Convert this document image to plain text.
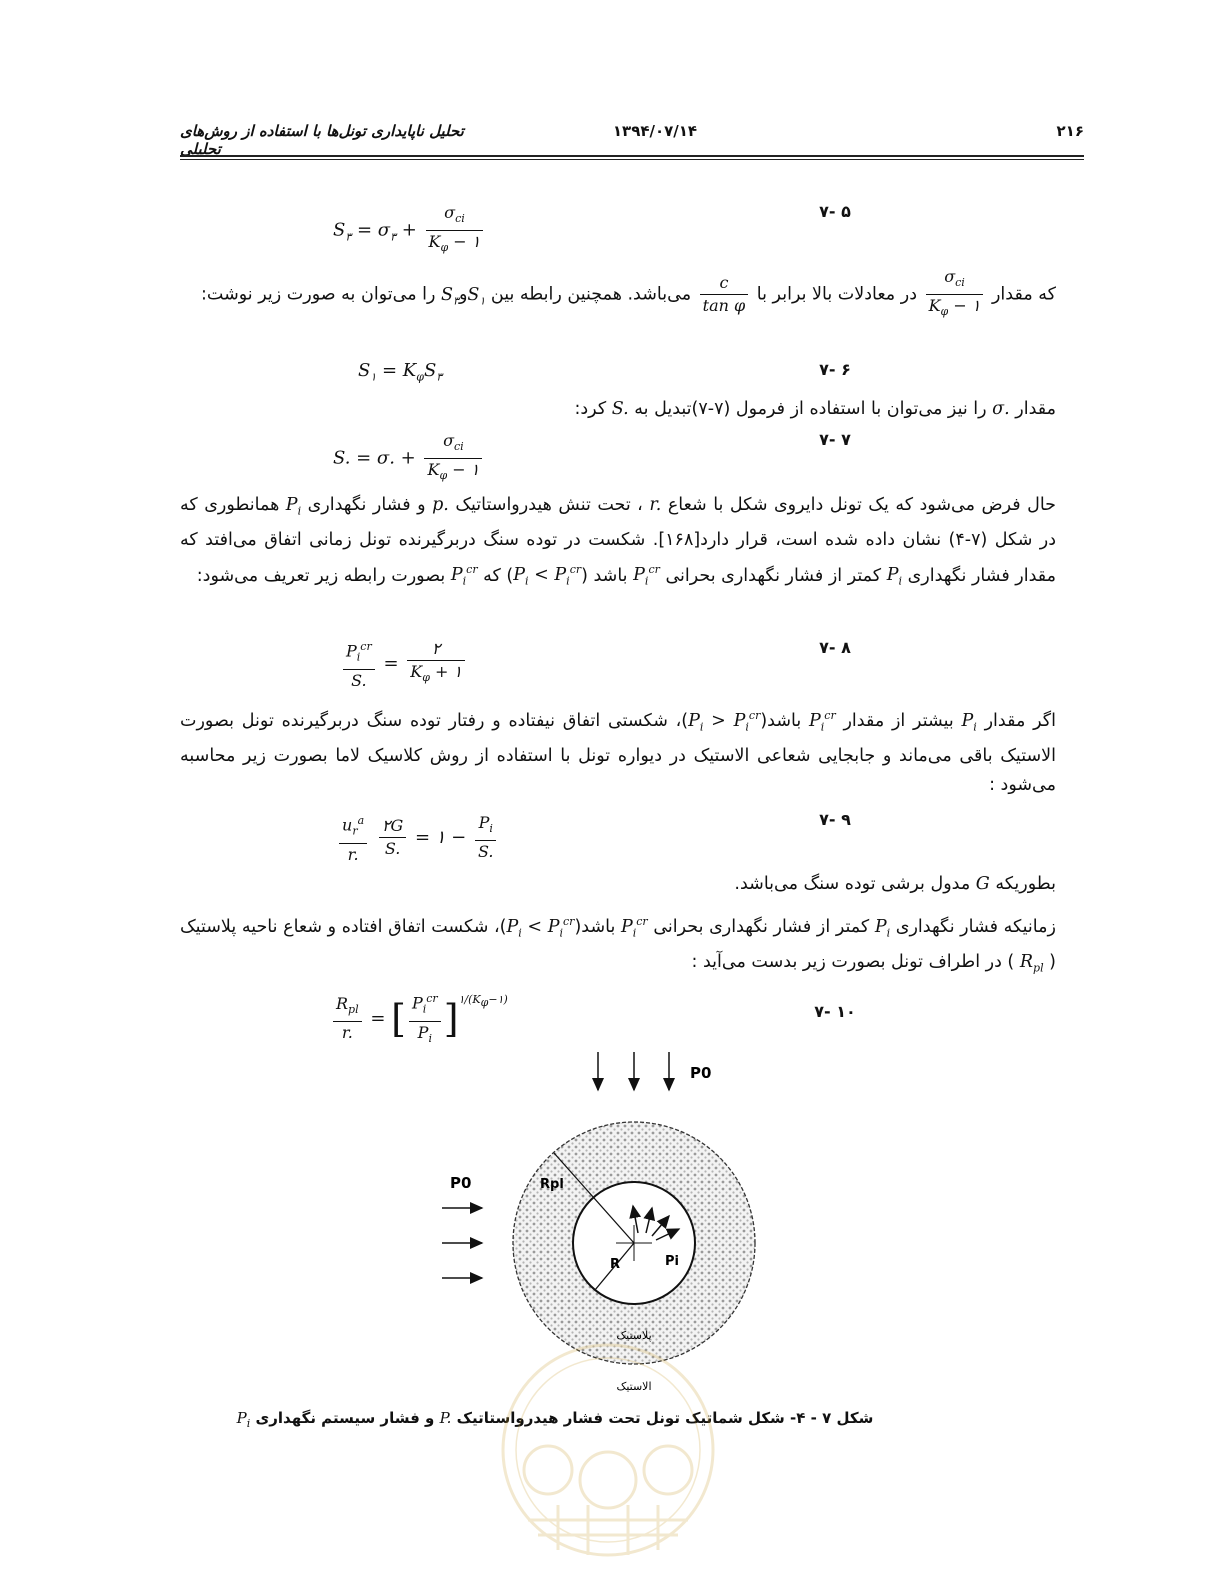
۲۱۶
۱۳۹۴/۰۷/۱۴
تحلیل ناپایداری تونل‌ها با استفاده از روش‌های تحلیلی
$S_۳ = \sigma_۳ + \frac{\sigma_{ci}}{K_\varphi - ۱}$	۵ -۷

که مقدار
$\frac{\sigma_{ci}}{K_\varphi - ۱}$
در معادلات بالا برابر با
$\frac{c}{\text{tan φ}}$
می‌باشد. همچنین رابطه بین $S_۱وS_۳$ را می‌توان به صورت زیر نوشت:

$S_۱ = K_\varphi S_۳$	۶ -۷

مقدار σ. را نیز می‌توان با استفاده از فرمول (۷-۷)تبدیل به S. کرد:

S. = σ. + $\frac{\sigma_{ci}}{K_\varphi - ۱}$	۷ -۷

حال فرض می‌شود که یک تونل دایروی شکل با شعاع r. ، تحت تنش هیدرواستاتیک p. و فشار نگهداری $P_i$ همانطوری که در شکل (۷-۴) نشان داده شده است، قرار دارد[۱۶۸]. شکست در توده سنگ دربرگیرنده تونل زمانی اتفاق می‌افتد که مقدار فشار نگهداری $P_i$ کمتر از فشار نگهداری بحرانی $P_i^{cr}$ باشد $(P_i < P_i^{cr})$ که $P_i^{cr}$ بصورت رابطه زیر تعریف می‌شود:

$\frac{P_i^{cr}}{S.} = \frac{۲}{K_\varphi + ۱}$	۸ -۷

اگر مقدار $P_i$ بیشتر از مقدار $P_i^{cr}$ $باشد(P_i$ > $P_i^{cr})،$ شکستی اتفاق نیفتاده و رفتار توده سنگ دربرگیرنده تونل بصورت الاستیک باقی می‌ماند و جابجایی شعاعی الاستیک در دیواره تونل با استفاده از روش کلاسیک لاما بصورت زیر محاسبه می‌شود :

$\frac{u_r^a}{r.}$
$\frac{۲G}{S.}$ = ۱ − $\frac{P_i}{S.}$	۹ -۷

بطوریکه G مدول برشی توده سنگ می‌باشد.

زمانیکه فشار نگهداری $P_i$ کمتر از فشار نگهداری بحرانی $P_i^{cr}$ $باشد(P_i$ < $P_i^{cr})،$ شکست اتفاق افتاده و شعاع ناحیه پلاستیک ( $R_{pl}$ ) در اطراف تونل بصورت زیر بدست می‌آید :

$\frac{R_{pl}}{r.}$ = [ $\frac{P_i^{cr}}{P_i} ]^{۱/(K_\varphi-۱)}$
۱۰ -۷
P0
P0	Rpl
R	Pi
پلاستیک
الاستیک
شکل ۷ - ۴- شکل شماتیک تونل تحت فشار هیدرواستاتیک P. و فشار سیستم نگهداری $P_i$
